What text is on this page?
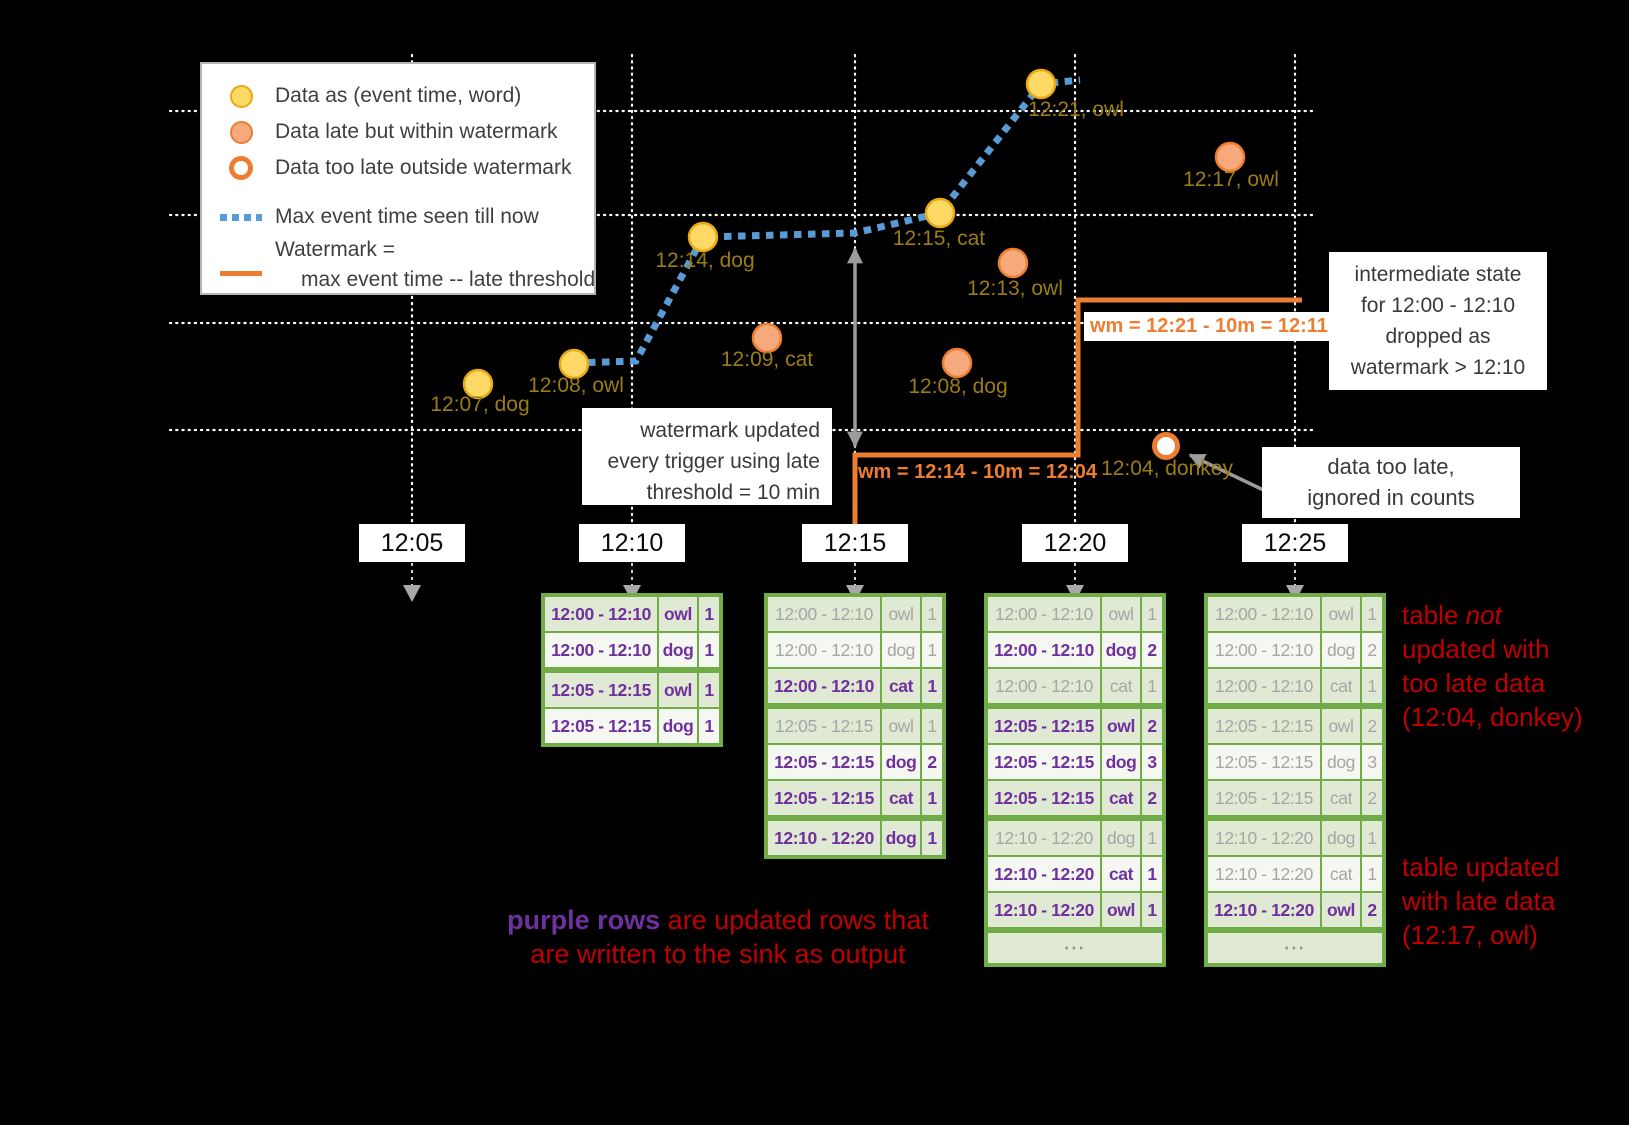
Data as (event time, word)
Data late but within watermark
Data too late outside watermark
Max event time seen till now
Watermark =
max event time -- late threshold
watermark updated
every trigger using late
threshold = 10 min
intermediate state
for 12:00 - 12:10
dropped as
watermark > 12:10
data too late,
ignored in counts
purple rows are updated rows that
are written to the sink as output
table not
updated with
too late data
(12:04, donkey)
table updated
with late data
(12:17, owl)
12:05	12:10	12:15	12:20	12:25
12:07, dog
12:08, owl
12:14, dog
12:15, cat
12:21, owl
12:09, cat
12:13, owl
12:08, dog
12:17, owl
12:04, donkey
wm = 12:14 - 10m = 12:04
wm = 12:21 - 10m = 12:11
12:00 - 12:10 owl 1
12:00 - 12:10 dog 1
12:05 - 12:15 owl 1
12:05 - 12:15 dog 1
12:00 - 12:10 owl 1
12:00 - 12:10 dog 1
12:00 - 12:10 cat 1
12:05 - 12:15 owl 1
12:05 - 12:15 dog 2
12:05 - 12:15 cat 1
12:10 - 12:20 dog 1
12:00 - 12:10 owl 1
12:00 - 12:10 dog 2
12:00 - 12:10 cat 1
12:05 - 12:15 owl 2
12:05 - 12:15 dog 3
12:05 - 12:15 cat 2
12:10 - 12:20 dog 1
12:10 - 12:20 cat 1
12:10 - 12:20 owl 1
⋯
12:00 - 12:10 owl 1
12:00 - 12:10 dog 2
12:00 - 12:10 cat 1
12:05 - 12:15 owl 2
12:05 - 12:15 dog 3
12:05 - 12:15 cat 2
12:10 - 12:20 dog 1
12:10 - 12:20 cat 1
12:10 - 12:20 owl 2
⋯
